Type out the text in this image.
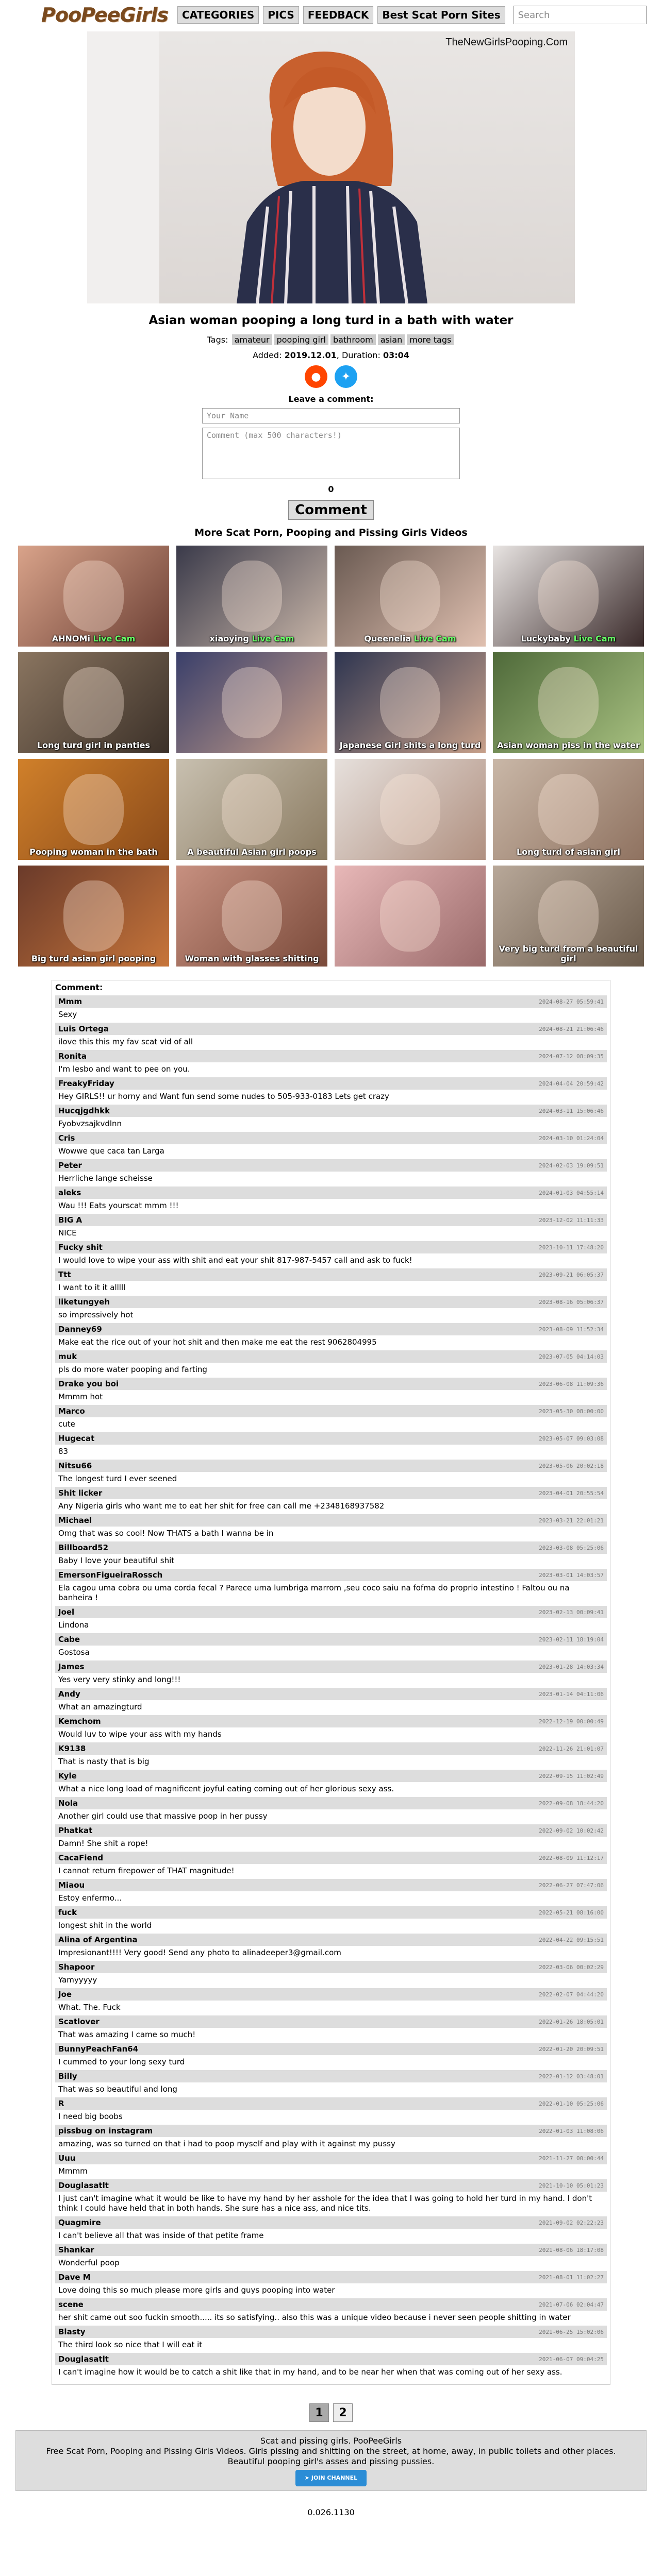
PooPeeGirls	CATEGORIES	PICS	FEEDBACK	Best Scat Porn Sites	Search
TheNewGirlsPooping.Com
Asian woman pooping a long turd in a bath with water
Tags: amateur pooping girl bathroom asian more tags
Added: 2019.12.01, Duration: 03:04
●	✦
Leave a comment:
Your Name
Comment (max 500 characters!)
0
Comment
More Scat Porn, Pooping and Pissing Girls Videos
AHNOMi Live Cam	xiaoying Live Cam	Queenelia Live Cam	Luckybaby Live Cam
Long turd girl in panties	Japanese Girl shits a long turd	Asian woman piss in the water
Pooping woman in the bath	A beautiful Asian girl poops	Long turd of asian girl
Big turd asian girl pooping	Woman with glasses shitting
Very big turd from a beautiful girl
Comment:
Mmm	2024-08-27 05:59:41
Sexy
Luis Ortega	2024-08-21 21:06:46
ilove this this my fav scat vid of all
Ronita	2024-07-12 08:09:35
I'm lesbo and want to pee on you.
FreakyFriday	2024-04-04 20:59:42
Hey GIRLS!! ur horny and Want fun send some nudes to 505-933-0183 Lets get crazy
Hucqjgdhkk	2024-03-11 15:06:46
Fyobvzsajkvdlnn
Cris	2024-03-10 01:24:04
Wowwe que caca tan Larga
Peter	2024-02-03 19:09:51
Herrliche lange scheisse
aleks	2024-01-03 04:55:14
Wau !!! Eats yourscat mmm !!!
BIG A	2023-12-02 11:11:33
NICE
Fucky shit	2023-10-11 17:48:20
I would love to wipe your ass with shit and eat your shit 817-987-5457 call and ask to fuck!
Ttt	2023-09-21 06:05:37
I want to it it alllll
liketungyeh	2023-08-16 05:06:37
so impressively hot
Danney69	2023-08-09 11:52:34
Make eat the rice out of your hot shit and then make me eat the rest 9062804995
muk	2023-07-05 04:14:03
pls do more water pooping and farting
Drake you boi	2023-06-08 11:09:36
Mmmm hot
Marco	2023-05-30 08:00:00
cute
Hugecat	2023-05-07 09:03:08
83
Nitsu66	2023-05-06 20:02:18
The longest turd I ever seened
Shit licker	2023-04-01 20:55:54
Any Nigeria girls who want me to eat her shit for free can call me +2348168937582
Michael	2023-03-21 22:01:21
Omg that was so cool! Now THATS a bath I wanna be in
Billboard52	2023-03-08 05:25:06
Baby I love your beautiful shit
EmersonFigueiraRossch	2023-03-01 14:03:57
Ela cagou uma cobra ou uma corda fecal ? Parece uma lumbriga marrom ,seu coco saiu na fofma do proprio intestino ! Faltou ou na banheira !
Joel	2023-02-13 00:09:41
Lindona
Cabe	2023-02-11 18:19:04
Gostosa
James	2023-01-28 14:03:34
Yes very very stinky and long!!!
Andy	2023-01-14 04:11:06
What an amazingturd
Kemchom	2022-12-19 00:00:49
Would luv to wipe your ass with my hands
K9138	2022-11-26 21:01:07
That is nasty that is big
Kyle	2022-09-15 11:02:49
What a nice long load of magnificent joyful eating coming out of her glorious sexy ass.
Nola	2022-09-08 18:44:20
Another girl could use that massive poop in her pussy
Phatkat	2022-09-02 10:02:42
Damn! She shit a rope!
CacaFiend	2022-08-09 11:12:17
I cannot return firepower of THAT magnitude!
Miaou	2022-06-27 07:47:06
Estoy enfermo...
fuck	2022-05-21 08:16:00
longest shit in the world
Alina of Argentina	2022-04-22 09:15:51
Impresionant!!!! Very good! Send any photo to alinadeeper3@gmail.com
Shapoor	2022-03-06 00:02:29
Yamyyyyy
Joe	2022-02-07 04:44:20
What. The. Fuck
Scatlover	2022-01-26 18:05:01
That was amazing I came so much!
BunnyPeachFan64	2022-01-20 20:09:51
I cummed to your long sexy turd
Billy	2022-01-12 03:48:01
That was so beautiful and long
R	2022-01-10 05:25:06
I need big boobs
pissbug on instagram	2022-01-03 11:08:06
amazing, was so turned on that i had to poop myself and play with it against my pussy
Uuu	2021-11-27 00:00:44
Mmmm
Douglasatlt	2021-10-10 05:01:23
I just can't imagine what it would be like to have my hand by her asshole for the idea that I was going to hold her turd in my hand. I don't think I could have held that in both hands. She sure has a nice ass, and nice tits.
Quagmire	2021-09-02 02:22:23
I can't believe all that was inside of that petite frame
Shankar	2021-08-06 18:17:08
Wonderful poop
Dave M	2021-08-01 11:02:27
Love doing this so much please more girls and guys pooping into water
scene	2021-07-06 02:04:47
her shit came out soo fuckin smooth..... its so satisfying.. also this was a unique video because i never seen people shitting in water
Blasty	2021-06-25 15:02:06
The third look so nice that I will eat it
Douglasatlt	2021-06-07 09:04:25
I can't imagine how it would be to catch a shit like that in my hand, and to be near her when that was coming out of her sexy ass.
1	2
Scat and pissing girls. PooPeeGirls
Free Scat Porn, Pooping and Pissing Girls Videos. Girls pissing and shitting on the street, at home, away, in public toilets and other places. Beautiful pooping girl's asses and pissing pussies.
➤ JOIN CHANNEL
0.026.1130
